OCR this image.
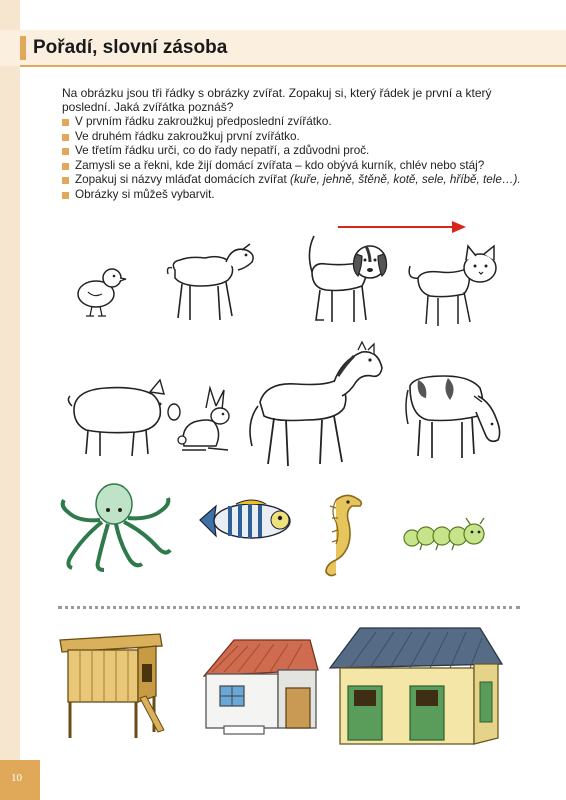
Pořadí, slovní zásoba
Na obrázku jsou tři řádky s obrázky zvířat. Zopakuj si, který řádek je první a který poslední. Jaká zvířátka poznáš?
V prvním řádku zakroužkuj předposlední zvířátko.
Ve druhém řádku zakroužkuj první zvířátko.
Ve třetím řádku urči, co do řady nepatří, a zdůvodni proč.
Zamysli se a řekni, kde žijí domácí zvířata – kdo obývá kurník, chlév nebo stáj?
Zopakuj si názvy mláďat domácích zvířat (kuře, jehně, štěně, kotě, sele, hříbě, tele…).
Obrázky si můžeš vybarvit.
10
